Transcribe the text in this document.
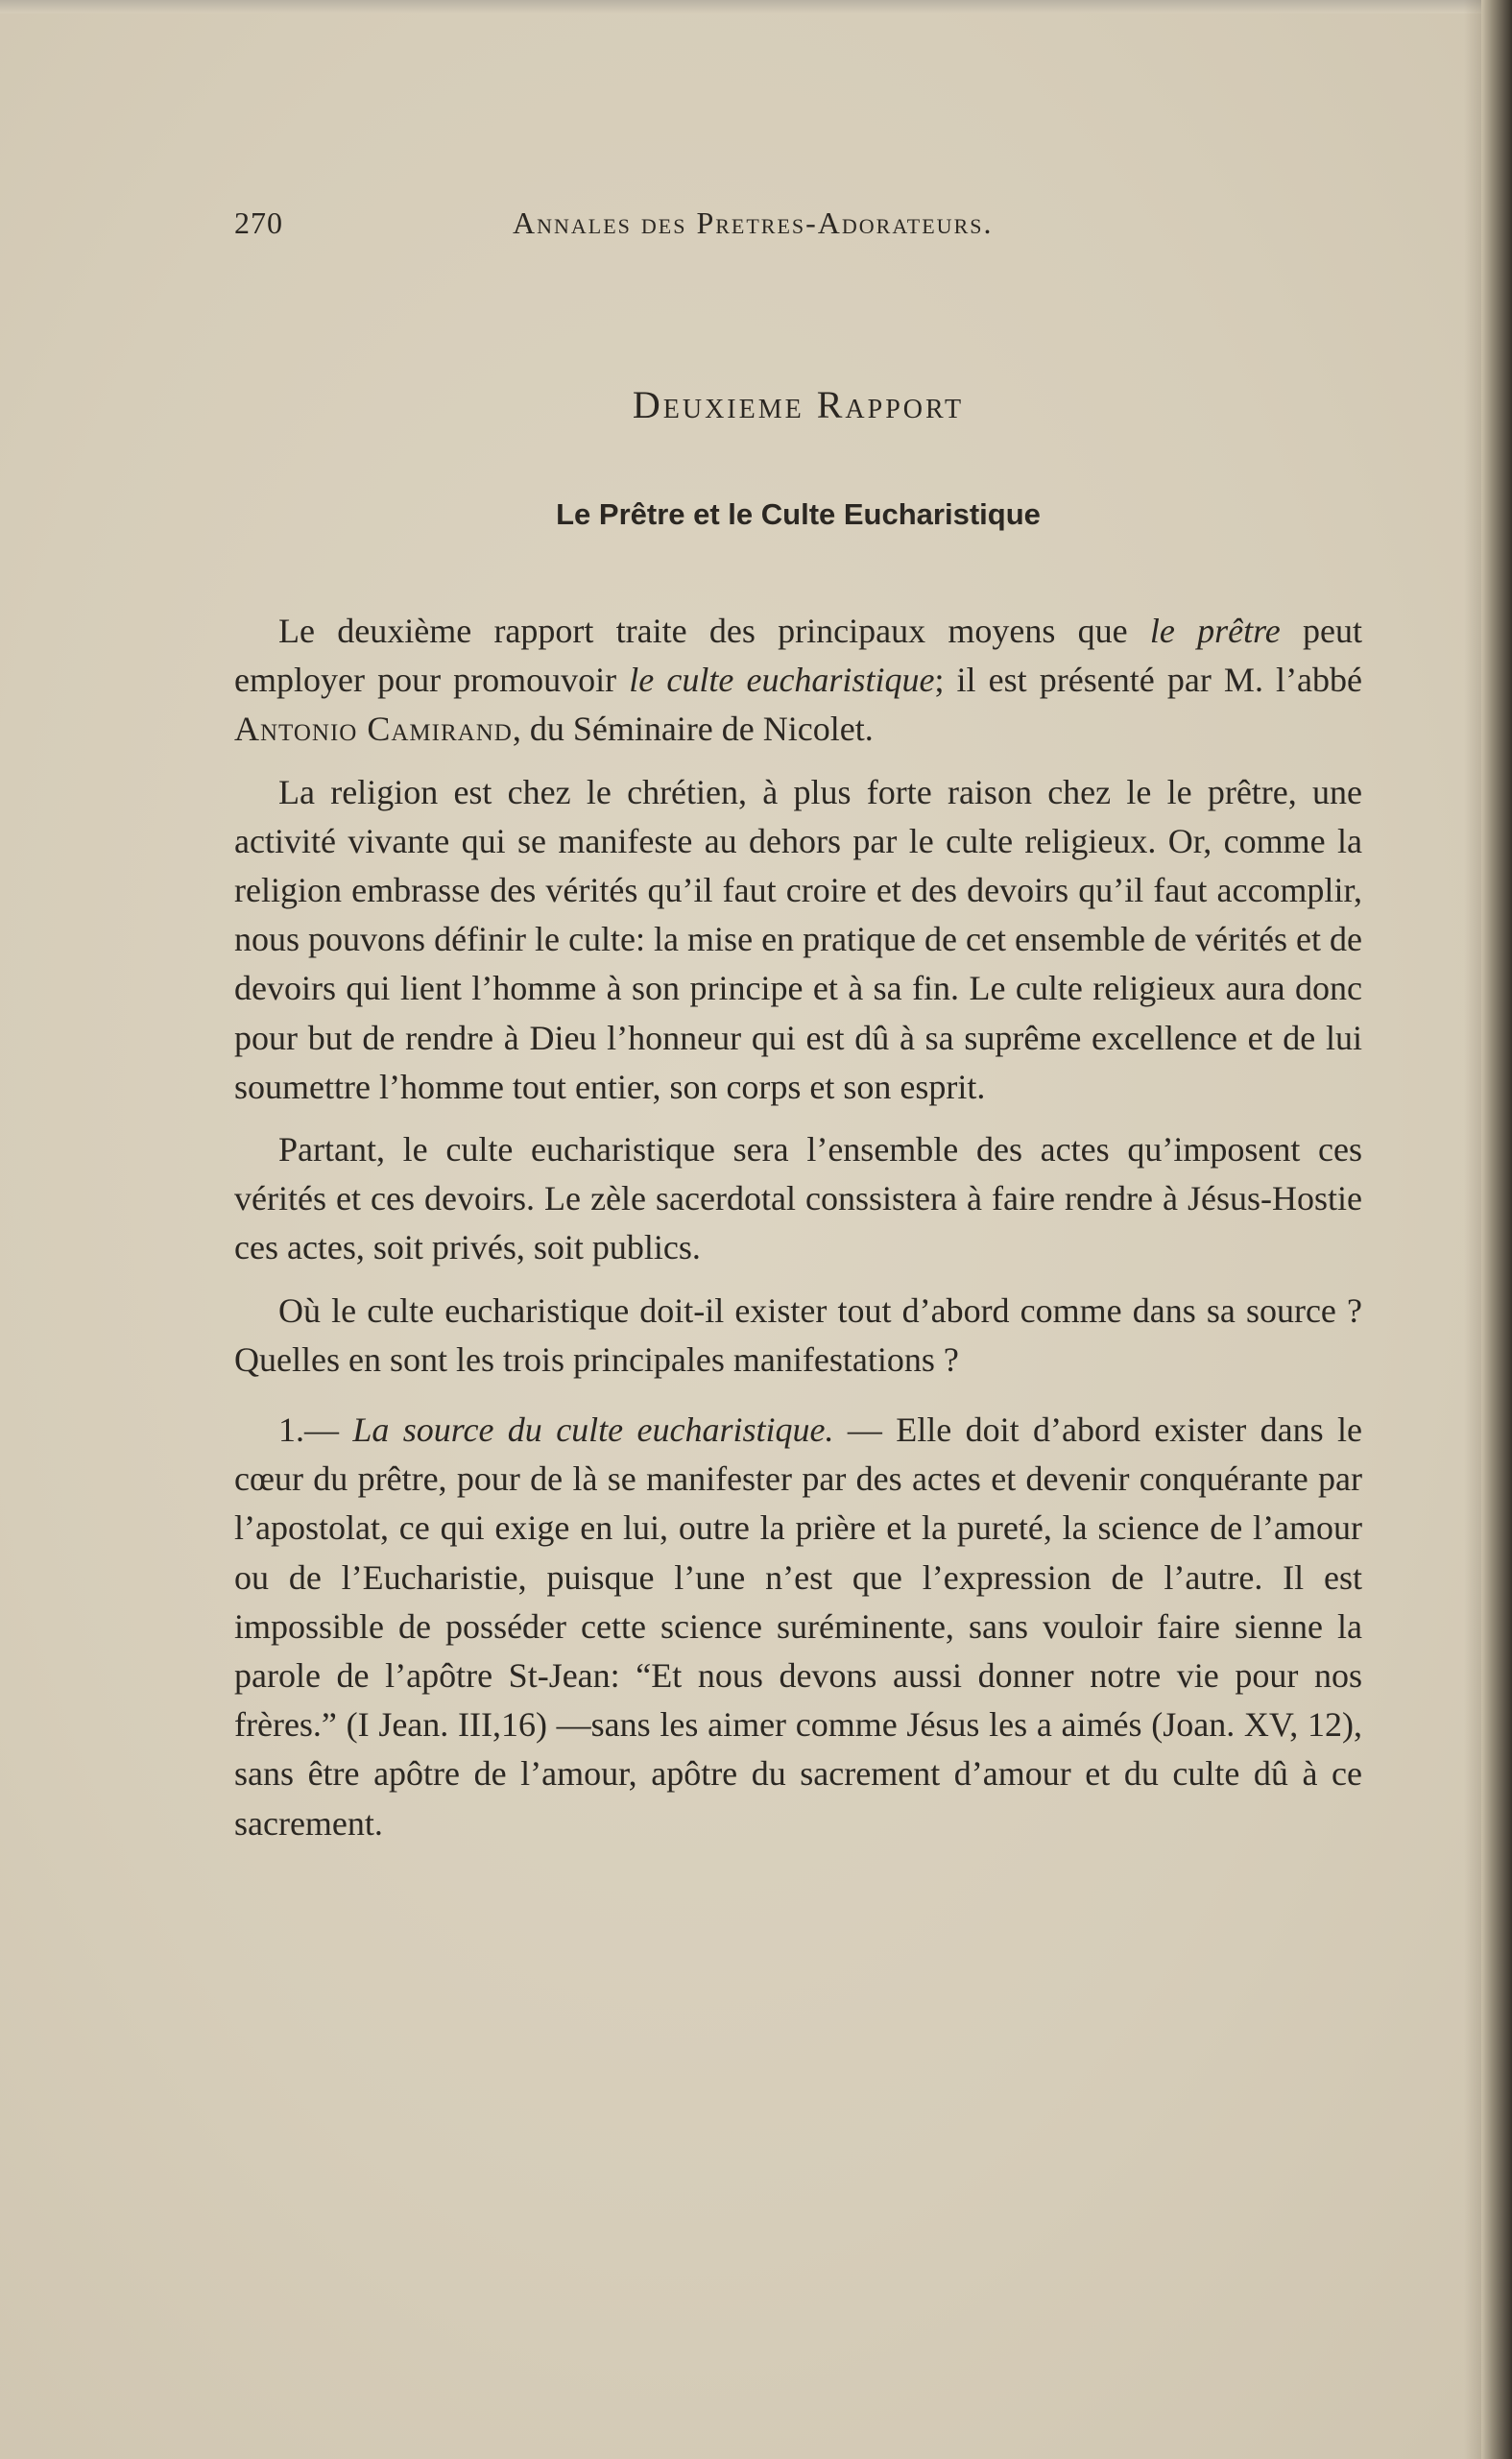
270	Annales des Pretres-Adorateurs.
Deuxieme Rapport
Le Prêtre et le Culte Eucharistique

Le deuxième rapport traite des principaux moyens que le prêtre peut employer pour promouvoir le culte eucharistique; il est présenté par M. l’abbé Antonio Camirand, du Séminaire de Nicolet.

La religion est chez le chrétien, à plus forte raison chez le le prêtre, une activité vivante qui se manifeste au dehors par le culte religieux. Or, comme la religion embrasse des vérités qu’il faut croire et des devoirs qu’il faut accomplir, nous pouvons définir le culte: la mise en pratique de cet ensemble de vérités et de devoirs qui lient l’homme à son principe et à sa fin. Le culte religieux aura donc pour but de rendre à Dieu l’honneur qui est dû à sa suprême excellence et de lui soumettre l’homme tout entier, son corps et son esprit.

Partant, le culte eucharistique sera l’ensemble des actes qu’imposent ces vérités et ces devoirs. Le zèle sacerdotal conssistera à faire rendre à Jésus-Hostie ces actes, soit privés, soit publics.

Où le culte eucharistique doit-il exister tout d’abord comme dans sa source ? Quelles en sont les trois principales manifestations ?

1.— La source du culte eucharistique. — Elle doit d’abord exister dans le cœur du prêtre, pour de là se manifester par des actes et devenir conquérante par l’apostolat, ce qui exige en lui, outre la prière et la pureté, la science de l’amour ou de l’Eucharistie, puisque l’une n’est que l’expression de l’autre. Il est impossible de posséder cette science suréminente, sans vouloir faire sienne la parole de l’apôtre St-Jean: “Et nous devons aussi donner notre vie pour nos frères.” (I Jean. III,16) —sans les aimer comme Jésus les a aimés (Joan. XV, 12), sans être apôtre de l’amour, apôtre du sacrement d’amour et du culte dû à ce sacrement.
